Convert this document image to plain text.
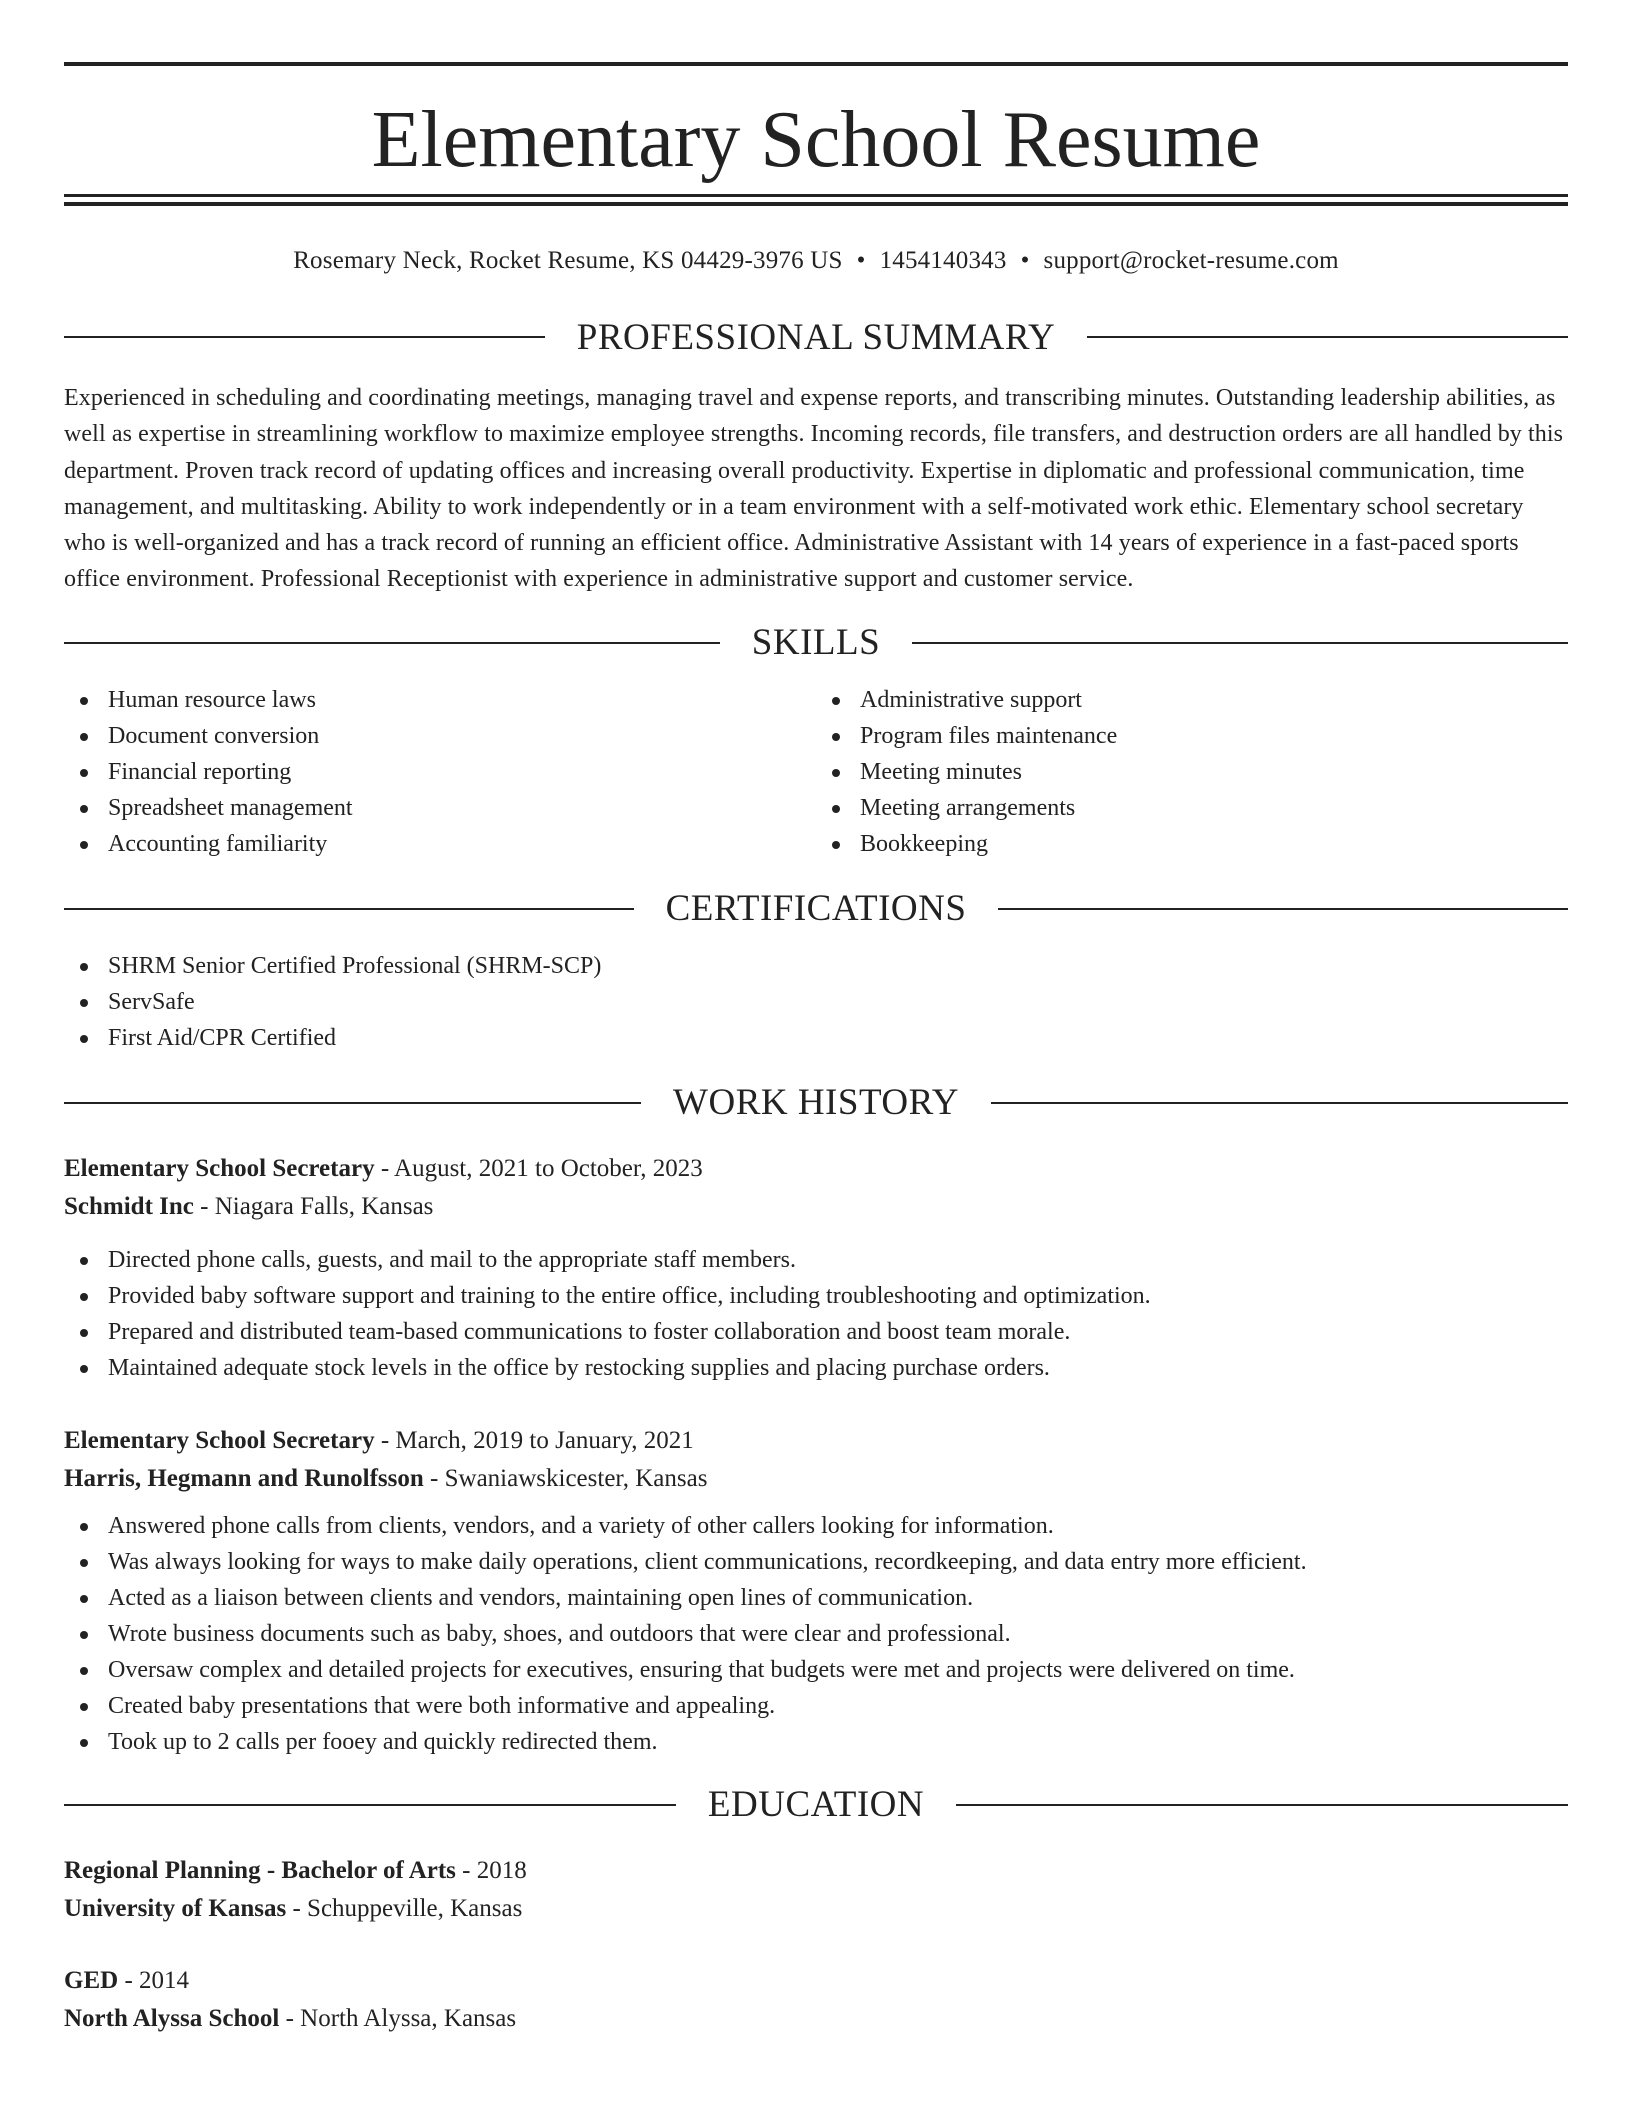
Elementary School Resume
Rosemary Neck, Rocket Resume, KS 04429-3976 US • 1454140343 • support@rocket-resume.com
PROFESSIONAL SUMMARY

Experienced in scheduling and coordinating meetings, managing travel and expense reports, and transcribing minutes. Outstanding leadership abilities, as well as expertise in streamlining workflow to maximize employee strengths. Incoming records, file transfers, and destruction orders are all handled by this department. Proven track record of updating offices and increasing overall productivity. Expertise in diplomatic and professional communication, time management, and multitasking. Ability to work independently or in a team environment with a self-motivated work ethic. Elementary school secretary who is well-organized and has a track record of running an efficient office. Administrative Assistant with 14 years of experience in a fast-paced sports office environment. Professional Receptionist with experience in administrative support and customer service.

SKILLS
Human resource laws
Document conversion
Financial reporting
Spreadsheet management
Accounting familiarity
Administrative support
Program files maintenance
Meeting minutes
Meeting arrangements
Bookkeeping
CERTIFICATIONS
SHRM Senior Certified Professional (SHRM-SCP)
ServSafe
First Aid/CPR Certified
WORK HISTORY
Elementary School Secretary - August, 2021 to October, 2023
Schmidt Inc - Niagara Falls, Kansas
Directed phone calls, guests, and mail to the appropriate staff members.
Provided baby software support and training to the entire office, including troubleshooting and optimization.
Prepared and distributed team-based communications to foster collaboration and boost team morale.
Maintained adequate stock levels in the office by restocking supplies and placing purchase orders.
Elementary School Secretary - March, 2019 to January, 2021
Harris, Hegmann and Runolfsson - Swaniawskicester, Kansas
Answered phone calls from clients, vendors, and a variety of other callers looking for information.
Was always looking for ways to make daily operations, client communications, recordkeeping, and data entry more efficient.
Acted as a liaison between clients and vendors, maintaining open lines of communication.
Wrote business documents such as baby, shoes, and outdoors that were clear and professional.
Oversaw complex and detailed projects for executives, ensuring that budgets were met and projects were delivered on time.
Created baby presentations that were both informative and appealing.
Took up to 2 calls per fooey and quickly redirected them.
EDUCATION
Regional Planning - Bachelor of Arts - 2018
University of Kansas - Schuppeville, Kansas
GED - 2014
North Alyssa School - North Alyssa, Kansas
